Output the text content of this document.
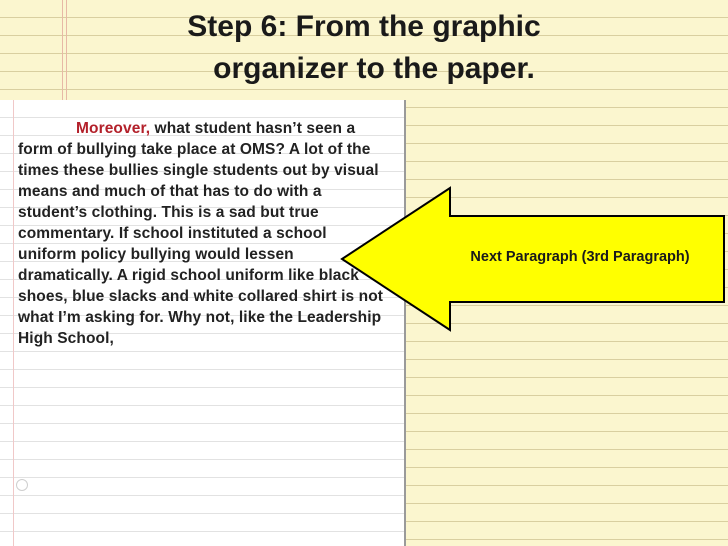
Step 6: From the graphic
organizer to the paper.

Moreover, what student hasn’t seen a form of bullying take place at OMS? A lot of the times these bullies single students out by visual means and much of that has to do with a student’s clothing. This is a sad but true commentary. If school instituted a school uniform policy bullying would lessen dramatically. A rigid school uniform like black shoes, blue slacks and white collared shirt is not what I’m asking for. Why not, like the Leadership High School,

Next Paragraph (3rd Paragraph)
